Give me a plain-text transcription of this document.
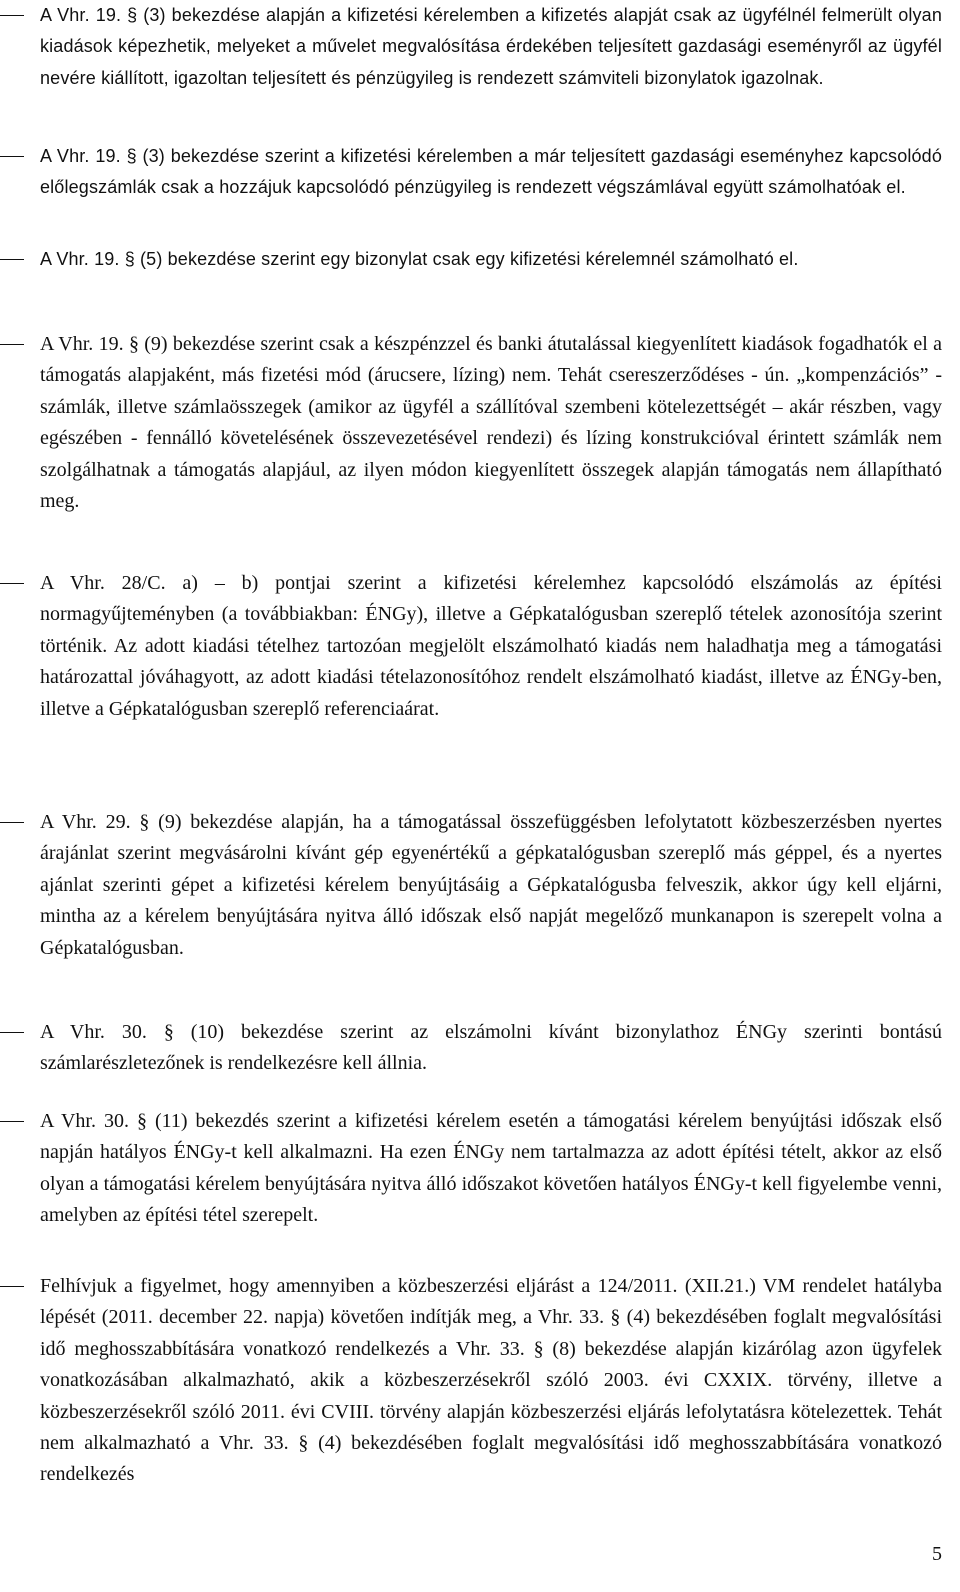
A Vhr. 19. § (3) bekezdése alapján a kifizetési kérelemben a kifizetés alapját csak az ügyfélnél felmerült olyan kiadások képezhetik, melyeket a művelet megvalósítása érdekében teljesített gazdasági eseményről az ügyfél nevére kiállított, igazoltan teljesített és pénzügyileg is rendezett számviteli bizonylatok igazolnak.

A Vhr. 19. § (3) bekezdése szerint a kifizetési kérelemben a már teljesített gazdasági eseményhez kapcsolódó előlegszámlák csak a hozzájuk kapcsolódó pénzügyileg is rendezett végszámlával együtt számolhatóak el.

A Vhr. 19. § (5) bekezdése szerint egy bizonylat csak egy kifizetési kérelemnél számolható el.

A Vhr. 19. § (9) bekezdése szerint csak a készpénzzel és banki átutalással kiegyenlített kiadások fogadhatók el a támogatás alapjaként, más fizetési mód (árucsere, lízing) nem. Tehát csereszerződéses - ún. „kompenzációs” - számlák, illetve számlaösszegek (amikor az ügyfél a szállítóval szembeni kötelezettségét – akár részben, vagy egészében - fennálló követelésének összevezetésével rendezi) és lízing konstrukcióval érintett számlák nem szolgálhatnak a támogatás alapjául, az ilyen módon kiegyenlített összegek alapján támogatás nem állapítható meg.

A Vhr. 28/C. a) – b) pontjai szerint a kifizetési kérelemhez kapcsolódó elszámolás az építési normagyűjteményben (a továbbiakban: ÉNGy), illetve a Gépkatalógusban szereplő tételek azonosítója szerint történik. Az adott kiadási tételhez tartozóan megjelölt elszámolható kiadás nem haladhatja meg a támogatási határozattal jóváhagyott, az adott kiadási tételazonosítóhoz rendelt elszámolható kiadást, illetve az ÉNGy-ben, illetve a Gépkatalógusban szereplő referenciaárat.

A Vhr. 29. § (9) bekezdése alapján, ha a támogatással összefüggésben lefolytatott közbeszerzésben nyertes árajánlat szerint megvásárolni kívánt gép egyenértékű a gépkatalógusban szereplő más géppel, és a nyertes ajánlat szerinti gépet a kifizetési kérelem benyújtásáig a Gépkatalógusba felveszik, akkor úgy kell eljárni, mintha az a kérelem benyújtására nyitva álló időszak első napját megelőző munkanapon is szerepelt volna a Gépkatalógusban.

A Vhr. 30. § (10) bekezdése szerint az elszámolni kívánt bizonylathoz ÉNGy szerinti bontású számlarészletezőnek is rendelkezésre kell állnia.

A Vhr. 30. § (11) bekezdés szerint a kifizetési kérelem esetén a támogatási kérelem benyújtási időszak első napján hatályos ÉNGy-t kell alkalmazni. Ha ezen ÉNGy nem tartalmazza az adott építési tételt, akkor az első olyan a támogatási kérelem benyújtására nyitva álló időszakot követően hatályos ÉNGy-t kell figyelembe venni, amelyben az építési tétel szerepelt.

Felhívjuk a figyelmet, hogy amennyiben a közbeszerzési eljárást a 124/2011. (XII.21.) VM rendelet hatályba lépését (2011. december 22. napja) követően indítják meg, a Vhr. 33. § (4) bekezdésében foglalt megvalósítási idő meghosszabbítására vonatkozó rendelkezés a Vhr. 33. § (8) bekezdése alapján kizárólag azon ügyfelek vonatkozásában alkalmazható, akik a közbeszerzésekről szóló 2003. évi CXXIX. törvény, illetve a közbeszerzésekről szóló 2011. évi CVIII. törvény alapján közbeszerzési eljárás lefolytatásra kötelezettek. Tehát nem alkalmazható a Vhr. 33. § (4) bekezdésében foglalt megvalósítási idő meghosszabbítására vonatkozó rendelkezés

5
